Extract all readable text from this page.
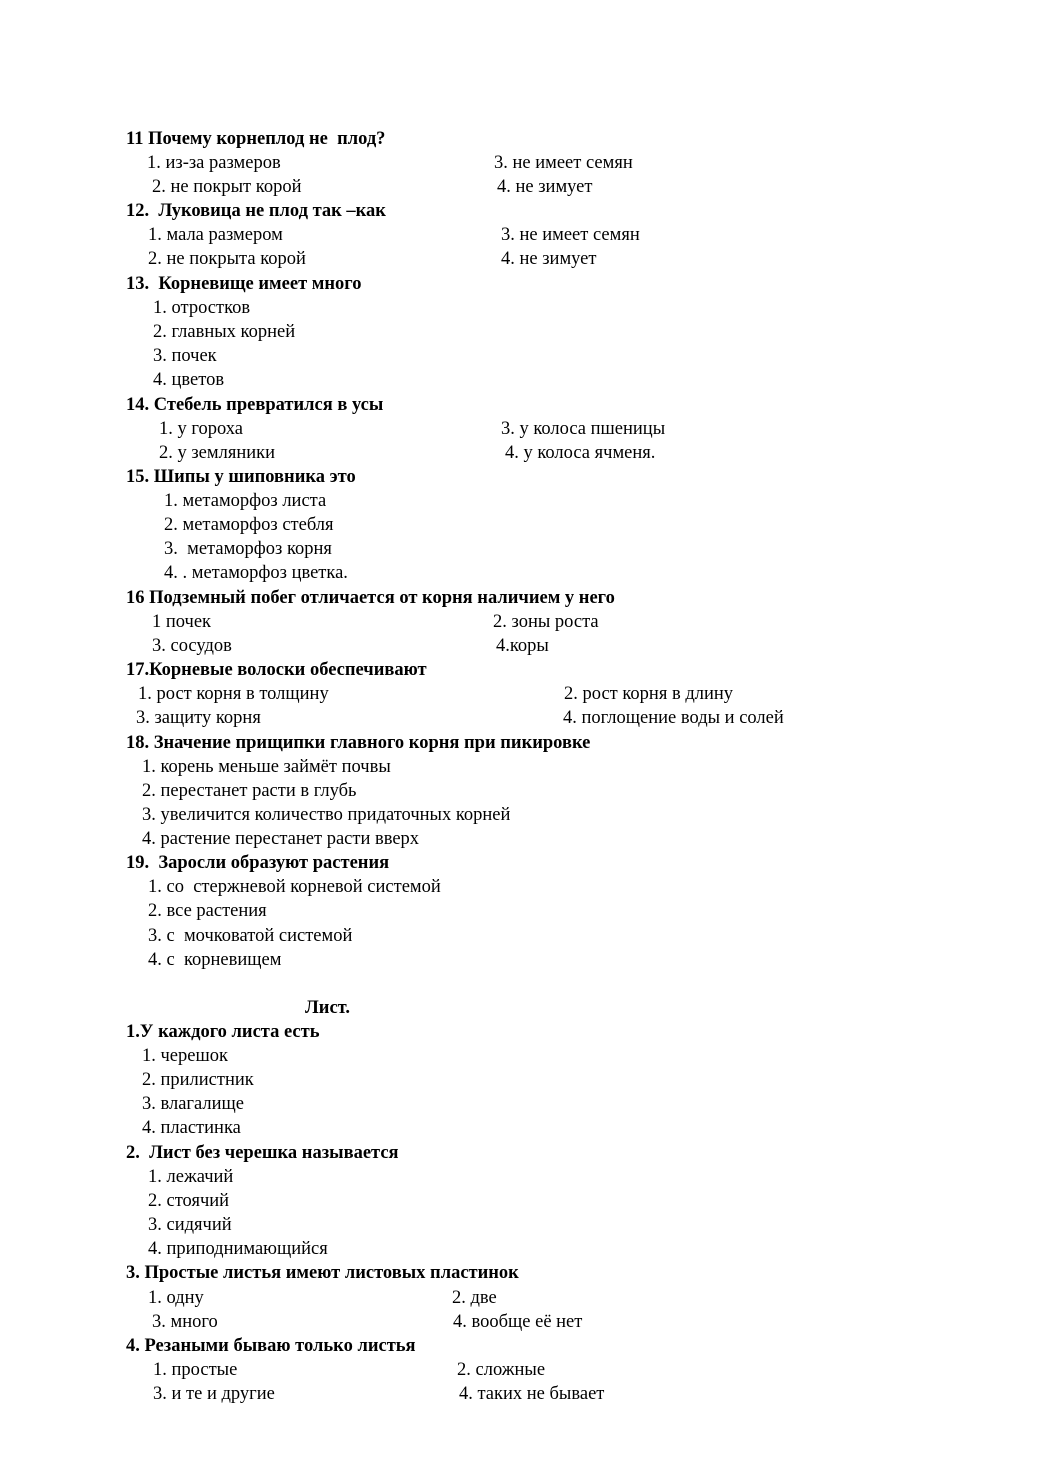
11 Почему корнеплод не  плод?
1. из-за размеров	3. не имеет семян
2. не покрыт корой	4. не зимует
12.  Луковица не плод так –как
1. мала размером	3. не имеет семян
2. не покрыта корой	4. не зимует
13.  Корневище имеет много
1. отростков
2. главных корней
3. почек
4. цветов
14. Стебель превратился в усы
1. у гороха	3. у колоса пшеницы
2. у земляники	4. у колоса ячменя.
15. Шипы у шиповника это
1. метаморфоз листа
2. метаморфоз стебля
3.  метаморфоз корня
4. . метаморфоз цветка.
16 Подземный побег отличается от корня наличием у него
1 почек	2. зоны роста
3. сосудов	4.коры
17.Корневые волоски обеспечивают
1. рост корня в толщину	2. рост корня в длину
3. защиту корня	4. поглощение воды и солей
18. Значение прищипки главного корня при пикировке
1. корень меньше займёт почвы
2. перестанет расти в глубь
3. увеличится количество придаточных корней
4. растение перестанет расти вверх
19.  Заросли образуют растения
1. со  стержневой корневой системой
2. все растения
3. с  мочковатой системой
4. с  корневищем
Лист.
1.У каждого листа есть
1. черешок
2. прилистник
3. влагалище
4. пластинка
2.  Лист без черешка называется
1. лежачий
2. стоячий
3. сидячий
4. приподнимающийся
3. Простые листья имеют листовых пластинок
1. одну	2. две
3. много	4. вообще её нет
4. Резаными бываю только листья
1. простые	2. сложные
3. и те и другие	4. таких не бывает
